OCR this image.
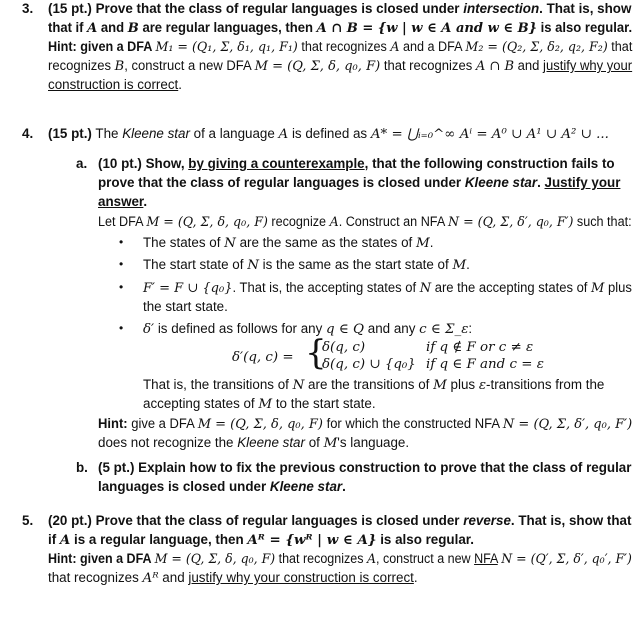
3. (15 pt.) Prove that the class of regular languages is closed under intersection. That is, show
that if A and B are regular languages, then A ∩ B = {w | w ∈ A and w ∈ B} is also regular.
Hint: given a DFA M₁ = (Q₁, Σ, δ₁, q₁, F₁) that recognizes A and a DFA M₂ = (Q₂, Σ, δ₂, q₂, F₂) that
recognizes B, construct a new DFA M = (Q, Σ, δ, q₀, F) that recognizes A ∩ B and justify why your
construction is correct.
4. (15 pt.) The Kleene star of a language A is defined as A* = ⋃ᵢ₌₀^∞ Aⁱ = A⁰ ∪ A¹ ∪ A² ∪ ...
a. (10 pt.) Show, by giving a counterexample, that the following construction fails to
prove that the class of regular languages is closed under Kleene star. Justify your
answer.
Let DFA M = (Q, Σ, δ, q₀, F) recognize A. Construct an NFA N = (Q, Σ, δ′, q₀, F′) such that:
• The states of N are the same as the states of M.
• The start state of N is the same as the start state of M.
• F′ = F ∪ {q₀}. That is, the accepting states of N are the accepting states of M plus
the start state.
• δ′ is defined as follows for any q ∈ Q and any c ∈ Σ_ε:
δ′(q, c) = {
δ(q, c)	if q ∉ F or c ≠ ε
δ(q, c) ∪ {q₀} if q ∈ F and c = ε
That is, the transitions of N are the transitions of M plus ε-transitions from the
accepting states of M to the start state.
Hint: give a DFA M = (Q, Σ, δ, q₀, F) for which the constructed NFA N = (Q, Σ, δ′, q₀, F′)
does not recognize the Kleene star of M's language.
b. (5 pt.) Explain how to fix the previous construction to prove that the class of regular
languages is closed under Kleene star.
5. (20 pt.) Prove that the class of regular languages is closed under reverse. That is, show that
if A is a regular language, then Aᴿ = {wᴿ | w ∈ A} is also regular.
Hint: given a DFA M = (Q, Σ, δ, q₀, F) that recognizes A, construct a new NFA N = (Q′, Σ, δ′, q₀′, F′)
that recognizes Aᴿ and justify why your construction is correct.
